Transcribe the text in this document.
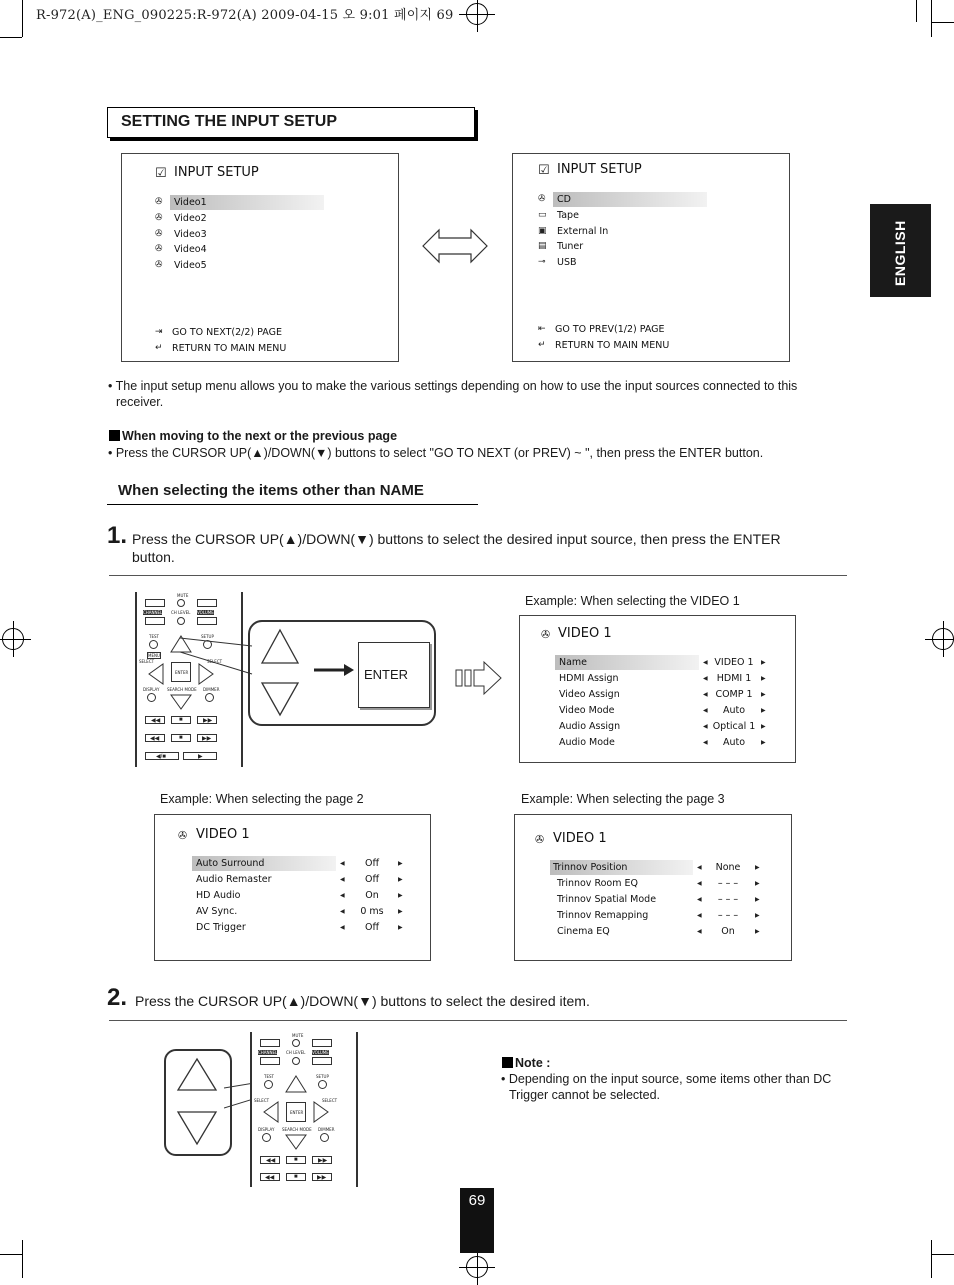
R-972(A)_ENG_090225:R-972(A) 2009-04-15 오 9:01 페이지 69
ENGLISH
SETTING THE INPUT SETUP
☑ INPUT SETUP
✇ Video1
✇ Video2
✇ Video3
✇ Video4
✇ Video5
⇥ GO TO NEXT(2/2) PAGE
↵ RETURN TO MAIN MENU
☑ INPUT SETUP
✇ CD
▭ Tape
▣ External In
▤ Tuner
⊸ USB
⇤ GO TO PREV(1/2) PAGE
↵ RETURN TO MAIN MENU
• The input setup menu allows you to make the various settings depending on how to use the input sources connected to this receiver.
When moving to the next or the previous page
• Press the CURSOR UP(▲)/DOWN(▼) buttons to select "GO TO NEXT (or PREV) ~ ", then press the ENTER button.
When selecting the items other than NAME
1. Press the CURSOR UP(▲)/DOWN(▼) buttons to select the desired input source, then press the ENTER button.
MUTE
CHANNEL CH LEVEL VOLUME
TEST	SETUP
MENU
SELECT	SELECT
ENTER
DISPLAY SEARCH MODE DIMMER
◀◀	■	▶▶
◀◀	■	▶▶
◀/■	▶
ENTER
Example: When selecting the VIDEO 1
✇ VIDEO 1
Name
HDMI Assign
Video Assign
Video Mode
Audio Assign
Audio Mode
◀	▶
VIDEO 1
◀	▶
HDMI 1
◀	▶
COMP 1
◀	▶
Auto
◀	▶
Optical 1
◀	▶
Auto
Example: When selecting the page 2	Example: When selecting the page 3
✇ VIDEO 1
Auto Surround
Audio Remaster
HD Audio
AV Sync.
DC Trigger
◀	▶
Off
◀	▶
Off
◀	▶
On
◀	▶
0 ms
◀	▶
Off
✇ VIDEO 1
Trinnov Position
Trinnov Room EQ
Trinnov Spatial Mode
Trinnov Remapping
Cinema EQ
◀	▶
None
◀	▶
– – –
◀	▶
– – –
◀	▶
– – –
◀	▶
On
2. Press the CURSOR UP(▲)/DOWN(▼) buttons to select the desired item.
MUTE
CHANNEL CH LEVEL VOLUME
TEST	SETUP
SELECT	SELECT
ENTER
DISPLAY SEARCH MODE DIMMER
◀◀	■	▶▶
◀◀	■	▶▶
Note :
• Depending on the input source, some items other than DC Trigger cannot be selected.
69
